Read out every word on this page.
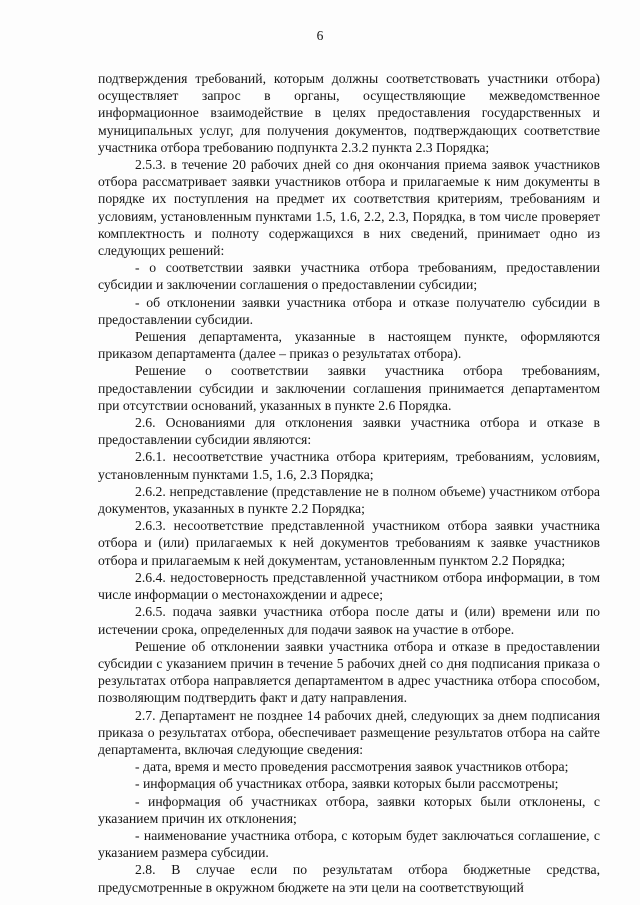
6

подтверждения требований, которым должны соответствовать участники отбора) осуществляет запрос в органы, осуществляющие межведомственное информационное взаимодействие в целях предоставления государственных и муниципальных услуг, для получения документов, подтверждающих соответствие участника отбора требованию подпункта 2.3.2 пункта 2.3 Порядка;

2.5.3. в течение 20 рабочих дней со дня окончания приема заявок участников отбора рассматривает заявки участников отбора и прилагаемые к ним документы в порядке их поступления на предмет их соответствия критериям, требованиям и условиям, установленным пунктами 1.5, 1.6, 2.2, 2.3, Порядка, в том числе проверяет комплектность и полноту содержащихся в них сведений, принимает одно из следующих решений:

- о соответствии заявки участника отбора требованиям, предоставлении субсидии и заключении соглашения о предоставлении субсидии;

- об отклонении заявки участника отбора и отказе получателю субсидии в предоставлении субсидии.

Решения департамента, указанные в настоящем пункте, оформляются приказом департамента (далее – приказ о результатах отбора).

Решение о соответствии заявки участника отбора требованиям, предоставлении субсидии и заключении соглашения принимается департаментом при отсутствии оснований, указанных в пункте 2.6 Порядка.

2.6. Основаниями для отклонения заявки участника отбора и отказе в предоставлении субсидии являются:

2.6.1. несоответствие участника отбора критериям, требованиям, условиям, установленным пунктами 1.5, 1.6, 2.3 Порядка;

2.6.2. непредставление (представление не в полном объеме) участником отбора документов, указанных в пункте 2.2 Порядка;

2.6.3. несоответствие представленной участником отбора заявки участника отбора и (или) прилагаемых к ней документов требованиям к заявке участников отбора и прилагаемым к ней документам, установленным пунктом 2.2 Порядка;

2.6.4. недостоверность представленной участником отбора информации, в том числе информации о местонахождении и адресе;

2.6.5. подача заявки участника отбора после даты и (или) времени или по истечении срока, определенных для подачи заявок на участие в отборе.

Решение об отклонении заявки участника отбора и отказе в предоставлении субсидии с указанием причин в течение 5 рабочих дней со дня подписания приказа о результатах отбора направляется департаментом в адрес участника отбора способом, позволяющим подтвердить факт и дату направления.

2.7. Департамент не позднее 14 рабочих дней, следующих за днем подписания приказа о результатах отбора, обеспечивает размещение результатов отбора на сайте департамента, включая следующие сведения:

- дата, время и место проведения рассмотрения заявок участников отбора;

- информация об участниках отбора, заявки которых были рассмотрены;

- информация об участниках отбора, заявки которых были отклонены, с указанием причин их отклонения;

- наименование участника отбора, с которым будет заключаться соглашение, с указанием размера субсидии.

2.8. В случае если по результатам отбора бюджетные средства, предусмотренные в окружном бюджете на эти цели на соответствующий
